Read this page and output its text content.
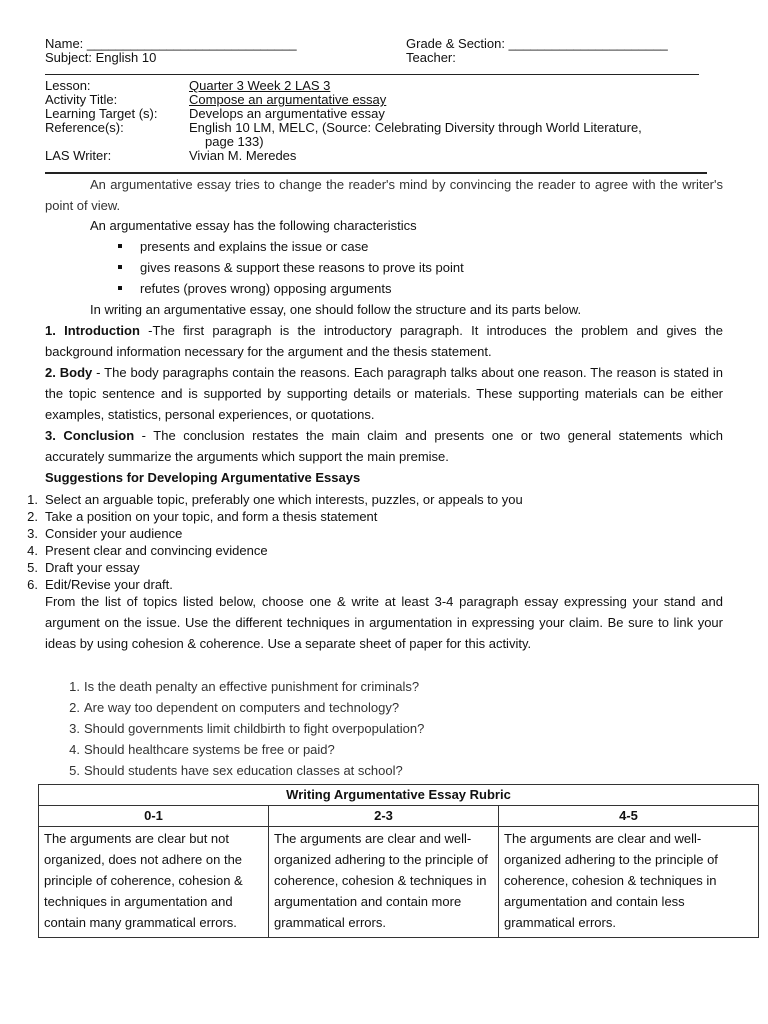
Name: _____________________________	Grade & Section: ______________________
Subject: English 10	Teacher:
Lesson:	Quarter 3 Week 2 LAS 3
Activity Title:	Compose an argumentative essay
Learning Target (s): Develops an argumentative essay
Reference(s):	English 10 LM, MELC, (Source: Celebrating Diversity through World Literature,
page 133)
LAS Writer:	Vivian M. Meredes
An argumentative essay tries to change the reader's mind by convincing the reader to agree with the writer's point of view.
An argumentative essay has the following characteristics
presents and explains the issue or case
gives reasons & support these reasons to prove its point
refutes (proves wrong) opposing arguments
In writing an argumentative essay, one should follow the structure and its parts below.
1. Introduction -The first paragraph is the introductory paragraph. It introduces the problem and gives the background information necessary for the argument and the thesis statement.
2. Body - The body paragraphs contain the reasons. Each paragraph talks about one reason. The reason is stated in the topic sentence and is supported by supporting details or materials. These supporting materials can be either examples, statistics, personal experiences, or quotations.
3. Conclusion - The conclusion restates the main claim and presents one or two general statements which accurately summarize the arguments which support the main premise.
Suggestions for Developing Argumentative Essays
1. Select an arguable topic, preferably one which interests, puzzles, or appeals to you
2. Take a position on your topic, and form a thesis statement
3. Consider your audience
4. Present clear and convincing evidence
5. Draft your essay
6. Edit/Revise your draft.
From the list of topics listed below, choose one & write at least 3-4 paragraph essay expressing your stand and argument on the issue. Use the different techniques in argumentation in expressing your claim. Be sure to link your ideas by using cohesion & coherence. Use a separate sheet of paper for this activity.
1. Is the death penalty an effective punishment for criminals?
2. Are way too dependent on computers and technology?
3. Should governments limit childbirth to fight overpopulation?
4. Should healthcare systems be free or paid?
5. Should students have sex education classes at school?
Writing Argumentative Essay Rubric		
0-1	2-3	4-5
The arguments are clear but not organized, does not adhere on the principle of coherence, cohesion & techniques in argumentation and contain many grammatical errors.	The arguments are clear and well-organized adhering to the principle of coherence, cohesion & techniques in argumentation and contain more grammatical errors.	The arguments are clear and well-organized adhering to the principle of coherence, cohesion & techniques in argumentation and contain less grammatical errors.
